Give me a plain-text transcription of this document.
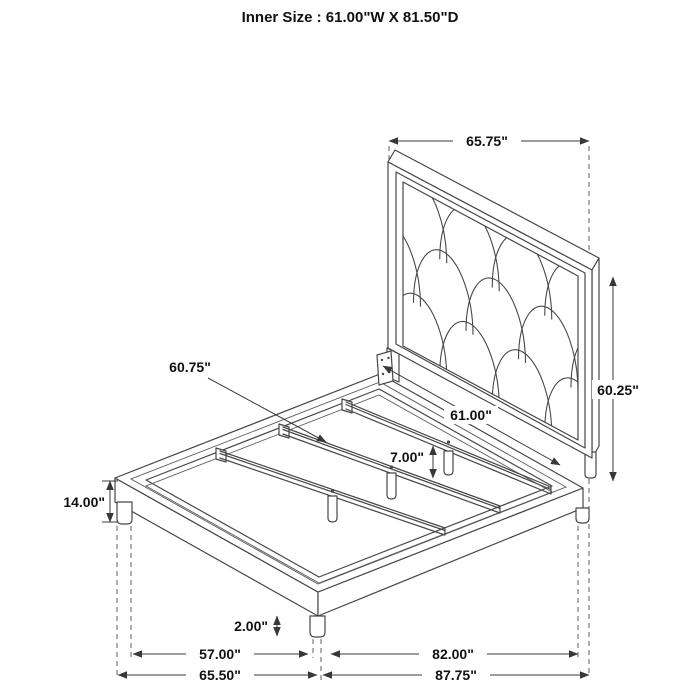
Inner Size : 61.00"W X 81.50"D
65.75"
60.25"
60.75"
61.00"
7.00"
14.00"
2.00"
57.00"	82.00"
65.50"	87.75"
